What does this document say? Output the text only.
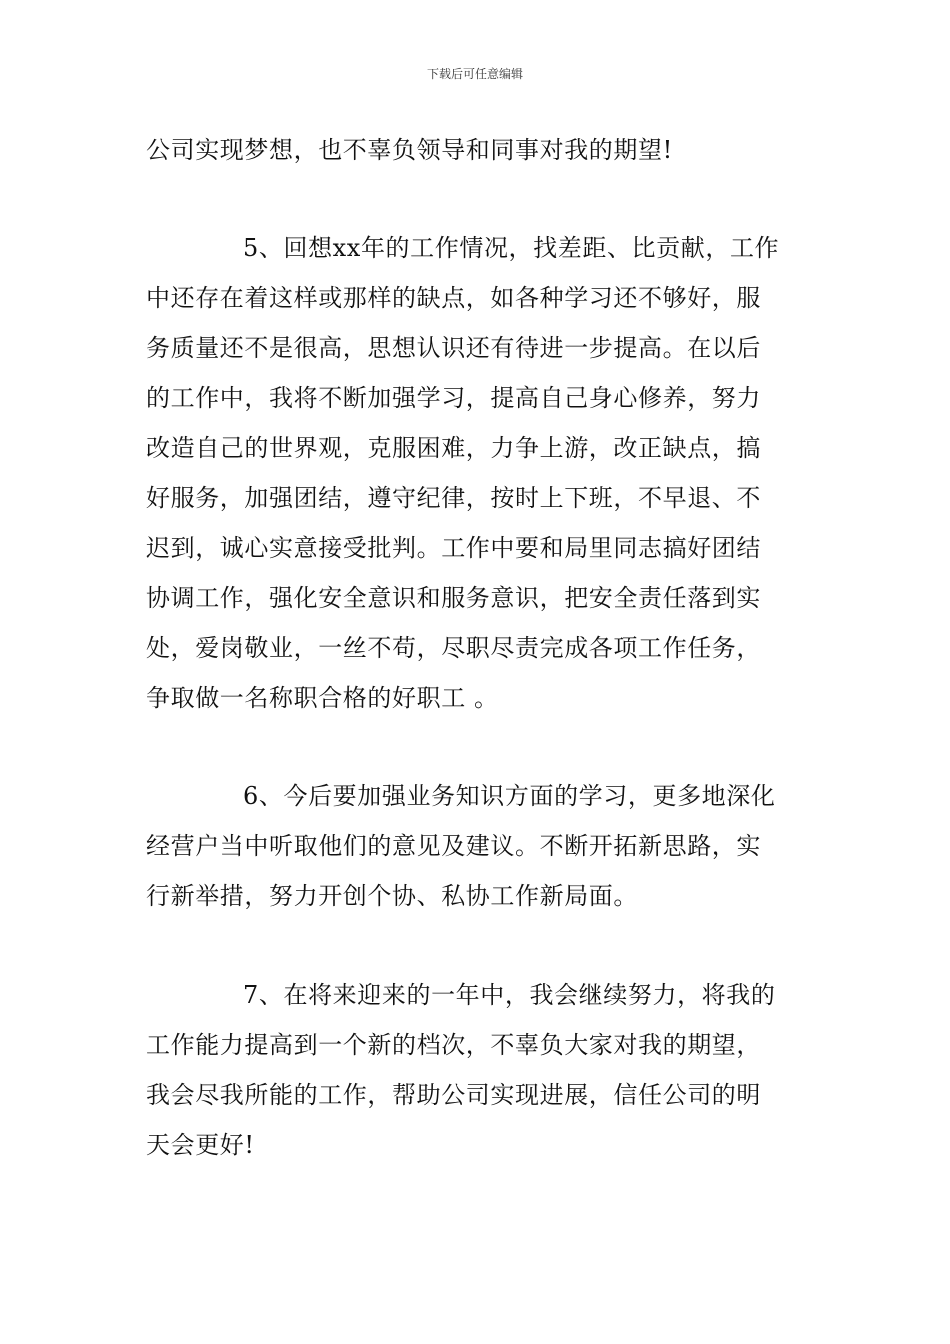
下载后可任意编辑
公司实现梦想，也不辜负领导和同事对我的期望!
5、回想xx年的工作情况，找差距、比贡献，工作
中还存在着这样或那样的缺点，如各种学习还不够好，服
务质量还不是很高，思想认识还有待进一步提高。在以后
的工作中，我将不断加强学习，提高自己身心修养，努力
改造自己的世界观，克服困难，力争上游，改正缺点，搞
好服务，加强团结，遵守纪律，按时上下班，不早退、不
迟到，诚心实意接受批判。工作中要和局里同志搞好团结
协调工作，强化安全意识和服务意识，把安全责任落到实
处，爱岗敬业，一丝不苟，尽职尽责完成各项工作任务，
争取做一名称职合格的好职工 。
6、今后要加强业务知识方面的学习，更多地深化
经营户当中听取他们的意见及建议。不断开拓新思路，实
行新举措，努力开创个协、私协工作新局面。
7、在将来迎来的一年中，我会继续努力，将我的
工作能力提高到一个新的档次，不辜负大家对我的期望，
我会尽我所能的工作，帮助公司实现进展，信任公司的明
天会更好!
